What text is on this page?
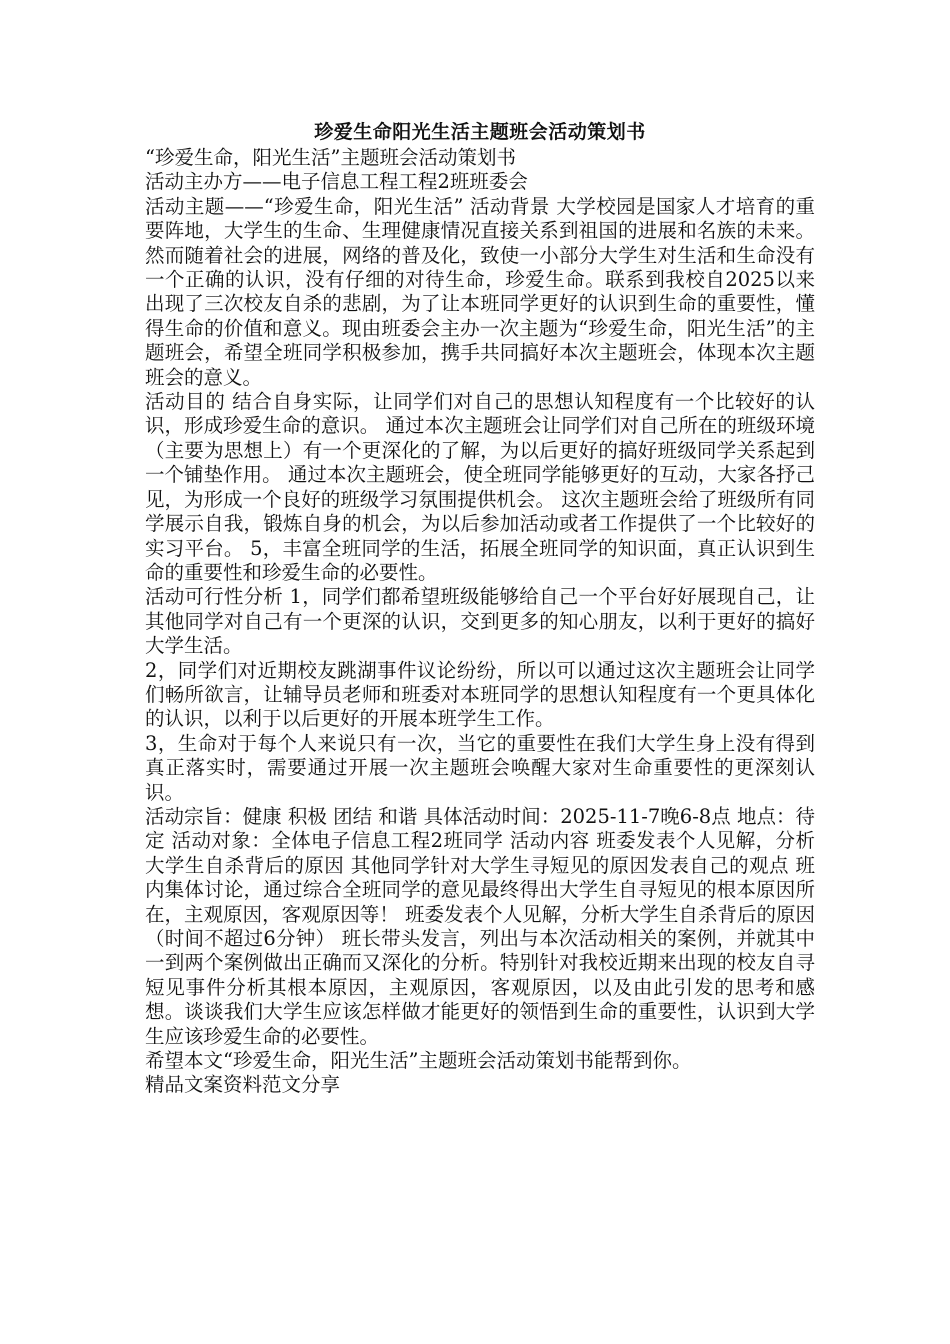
珍爱生命阳光生活主题班会活动策划书

“珍爱生命，阳光生活”主题班会活动策划书

活动主办方——电子信息工程工程2班班委会

活动主题——“珍爱生命，阳光生活” 活动背景 大学校园是国家人才培育的重要阵地，大学生的生命、生理健康情况直接关系到祖国的进展和名族的未来。然而随着社会的进展，网络的普及化，致使一小部分大学生对生活和生命没有一个正确的认识，没有仔细的对待生命，珍爱生命。联系到我校自2025以来出现了三次校友自杀的悲剧，为了让本班同学更好的认识到生命的重要性，懂得生命的价值和意义。现由班委会主办一次主题为“珍爱生命，阳光生活”的主题班会，希望全班同学积极参加，携手共同搞好本次主题班会，体现本次主题班会的意义。

活动目的 结合自身实际，让同学们对自己的思想认知程度有一个比较好的认识，形成珍爱生命的意识。 通过本次主题班会让同学们对自己所在的班级环境（主要为思想上）有一个更深化的了解，为以后更好的搞好班级同学关系起到一个铺垫作用。 通过本次主题班会，使全班同学能够更好的互动，大家各抒己见，为形成一个良好的班级学习氛围提供机会。 这次主题班会给了班级所有同学展示自我，锻炼自身的机会，为以后参加活动或者工作提供了一个比较好的实习平台。 5，丰富全班同学的生活，拓展全班同学的知识面，真正认识到生命的重要性和珍爱生命的必要性。

活动可行性分析 1，同学们都希望班级能够给自己一个平台好好展现自己，让其他同学对自己有一个更深的认识，交到更多的知心朋友，以利于更好的搞好大学生活。

2，同学们对近期校友跳湖事件议论纷纷，所以可以通过这次主题班会让同学们畅所欲言，让辅导员老师和班委对本班同学的思想认知程度有一个更具体化的认识，以利于以后更好的开展本班学生工作。

3，生命对于每个人来说只有一次，当它的重要性在我们大学生身上没有得到真正落实时，需要通过开展一次主题班会唤醒大家对生命重要性的更深刻认识。

活动宗旨：健康 积极 团结 和谐 具体活动时间：2025-11-7晚6-8点 地点：待定 活动对象：全体电子信息工程2班同学 活动内容 班委发表个人见解，分析大学生自杀背后的原因 其他同学针对大学生寻短见的原因发表自己的观点 班内集体讨论，通过综合全班同学的意见最终得出大学生自寻短见的根本原因所在，主观原因，客观原因等！ 班委发表个人见解，分析大学生自杀背后的原因（时间不超过6分钟） 班长带头发言，列出与本次活动相关的案例，并就其中一到两个案例做出正确而又深化的分析。特别针对我校近期来出现的校友自寻短见事件分析其根本原因，主观原因，客观原因，以及由此引发的思考和感想。谈谈我们大学生应该怎样做才能更好的领悟到生命的重要性，认识到大学生应该珍爱生命的必要性。

希望本文“珍爱生命，阳光生活”主题班会活动策划书能帮到你。

精品文案资料范文分享
